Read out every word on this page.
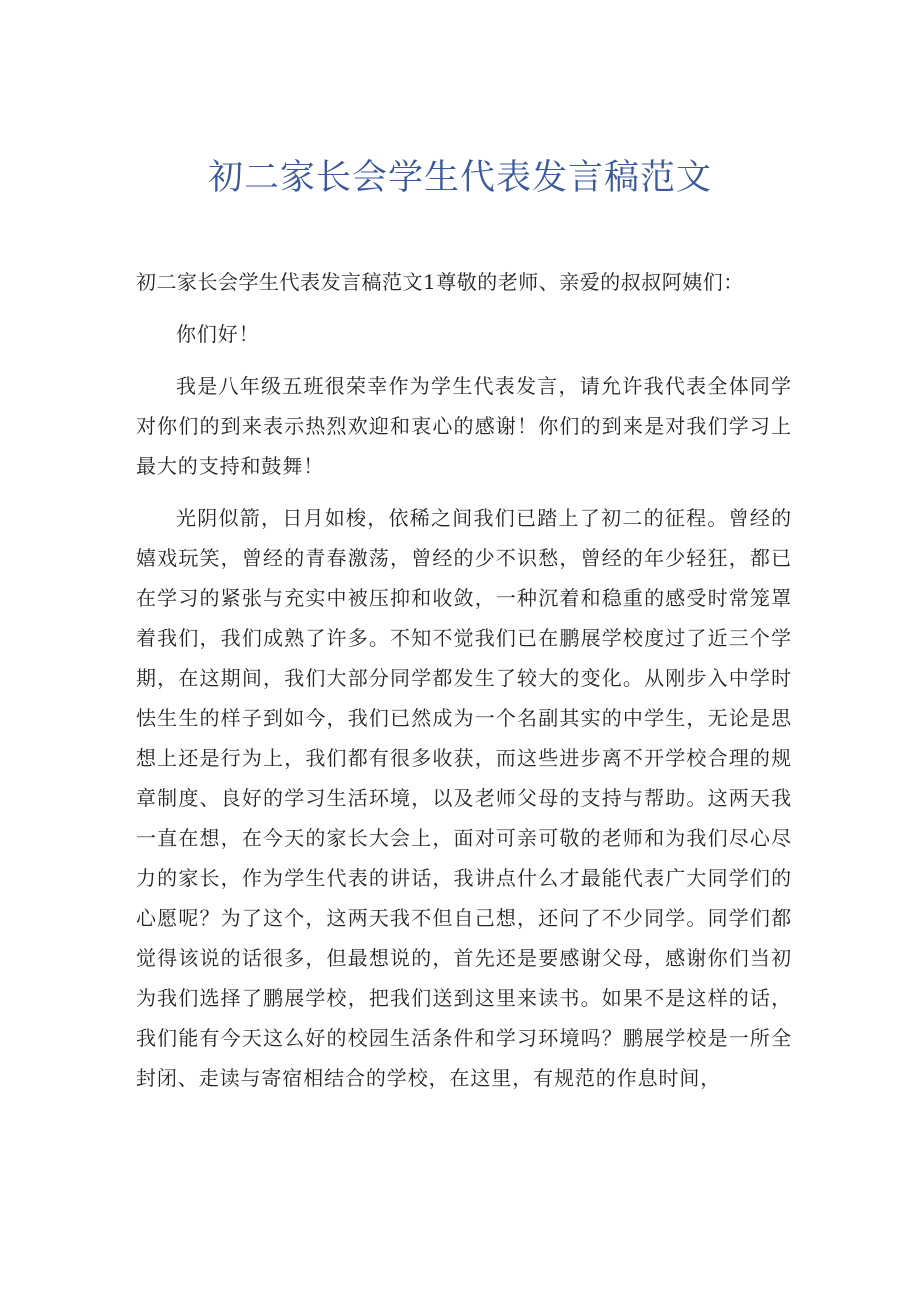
初二家长会学生代表发言稿范文

初二家长会学生代表发言稿范文1尊敬的老师、亲爱的叔叔阿姨们：

你们好！

我是八年级五班很荣幸作为学生代表发言，请允许我代表全体同学对你们的到来表示热烈欢迎和衷心的感谢！你们的到来是对我们学习上最大的支持和鼓舞！

光阴似箭，日月如梭，依稀之间我们已踏上了初二的征程。曾经的嬉戏玩笑，曾经的青春激荡，曾经的少不识愁，曾经的年少轻狂，都已在学习的紧张与充实中被压抑和收敛，一种沉着和稳重的感受时常笼罩着我们，我们成熟了许多。不知不觉我们已在鹏展学校度过了近三个学期，在这期间，我们大部分同学都发生了较大的变化。从刚步入中学时怯生生的样子到如今，我们已然成为一个名副其实的中学生，无论是思想上还是行为上，我们都有很多收获，而这些进步离不开学校合理的规章制度、良好的学习生活环境，以及老师父母的支持与帮助。这两天我一直在想，在今天的家长大会上，面对可亲可敬的老师和为我们尽心尽力的家长，作为学生代表的讲话，我讲点什么才最能代表广大同学们的心愿呢？为了这个，这两天我不但自己想，还问了不少同学。同学们都觉得该说的话很多，但最想说的，首先还是要感谢父母，感谢你们当初为我们选择了鹏展学校，把我们送到这里来读书。如果不是这样的话，我们能有今天这么好的校园生活条件和学习环境吗？鹏展学校是一所全封闭、走读与寄宿相结合的学校，在这里，有规范的作息时间，
